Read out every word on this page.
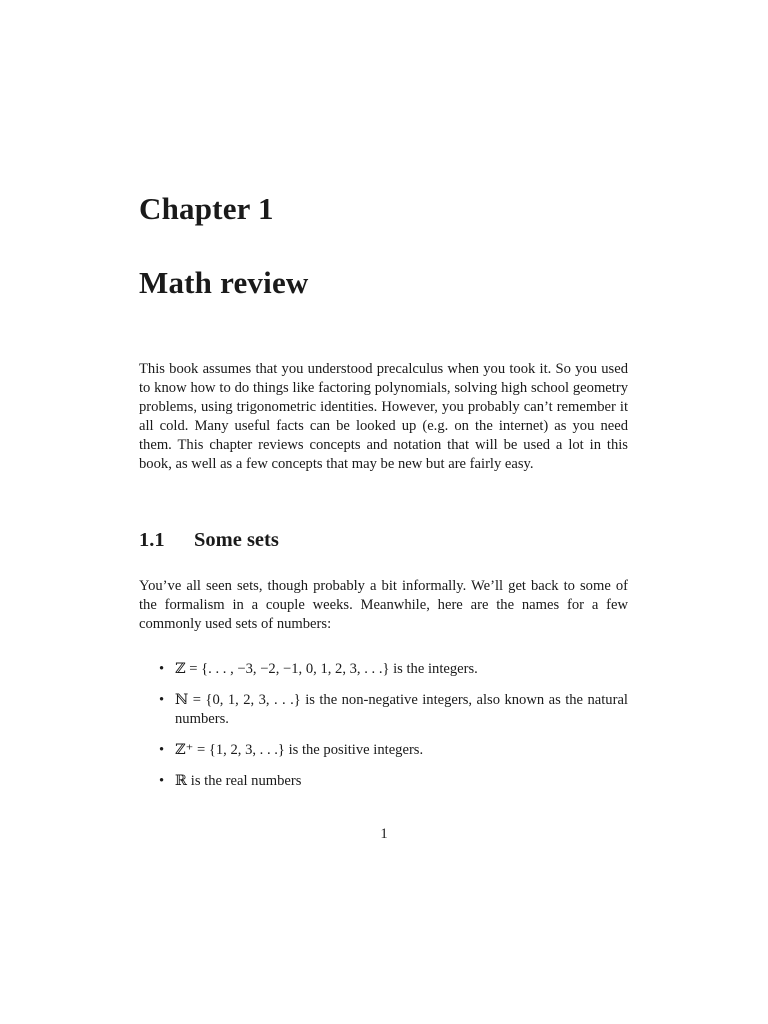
Chapter 1
Math review

This book assumes that you understood precalculus when you took it. So you used to know how to do things like factoring polynomials, solving high school geometry problems, using trigonometric identities. However, you probably can’t remember it all cold. Many useful facts can be looked up (e.g. on the internet) as you need them. This chapter reviews concepts and notation that will be used a lot in this book, as well as a few concepts that may be new but are fairly easy.

1.1 Some sets

You’ve all seen sets, though probably a bit informally. We’ll get back to some of the formalism in a couple weeks. Meanwhile, here are the names for a few commonly used sets of numbers:

• ℤ = {. . . , −3, −2, −1, 0, 1, 2, 3, . . .} is the integers.
• ℕ = {0, 1, 2, 3, . . .} is the non-negative integers, also known as the natural numbers.
• ℤ⁺ = {1, 2, 3, . . .} is the positive integers.
• ℝ is the real numbers

1
